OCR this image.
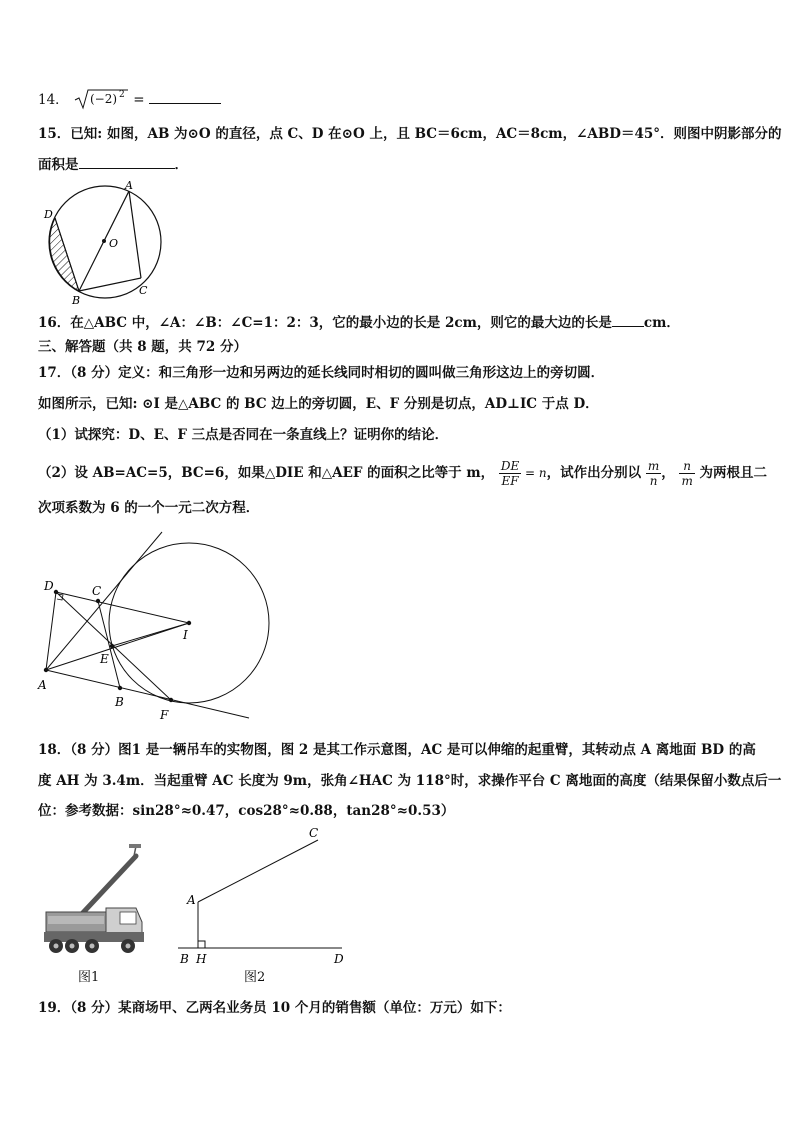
14． (−2) 2 =
15．已知: 如图，AB 为⊙O 的直径，点 C、D 在⊙O 上，且 BC＝6cm，AC＝8cm，∠ABD＝45°．则图中阴影部分的
面积是	．
A
D
O
B
C
16．在△ABC 中，∠A：∠B：∠C=1：2：3，它的最小边的长是 2cm，则它的最大边的长是 cm．
三、解答题（共 8 题，共 72 分）
17．（8 分）定义：和三角形一边和另两边的延长线同时相切的圆叫做三角形这边上的旁切圆．
如图所示，已知: ⊙I 是△ABC 的 BC 边上的旁切圆，E、F 分别是切点，AD⊥IC 于点 D．
（1）试探究：D、E、F 三点是否同在一条直线上？证明你的结论．
（2）设 AB=AC=5，BC=6，如果△DIE 和△AEF 的面积之比等于 m， $\frac{DE}{EF} = n$，试作出分别以 $\frac{m}{n}$ ， $\frac{n}{m}$ 为两根且二
次项系数为 6 的一个一元二次方程．
D	C
I
E
A
B
F
18．（8 分）图1 是一辆吊车的实物图，图 2 是其工作示意图，AC 是可以伸缩的起重臂，其转动点 A 离地面 BD 的高
度 AH 为 3.4m．当起重臂 AC 长度为 9m，张角∠HAC 为 118°时，求操作平台 C 离地面的高度（结果保留小数点后一
位：参考数据：sin28°≈0.47，cos28°≈0.88，tan28°≈0.53）
图1
A
C
B H	D
图2
19．（8 分）某商场甲、乙两名业务员 10 个月的销售额（单位：万元）如下：
